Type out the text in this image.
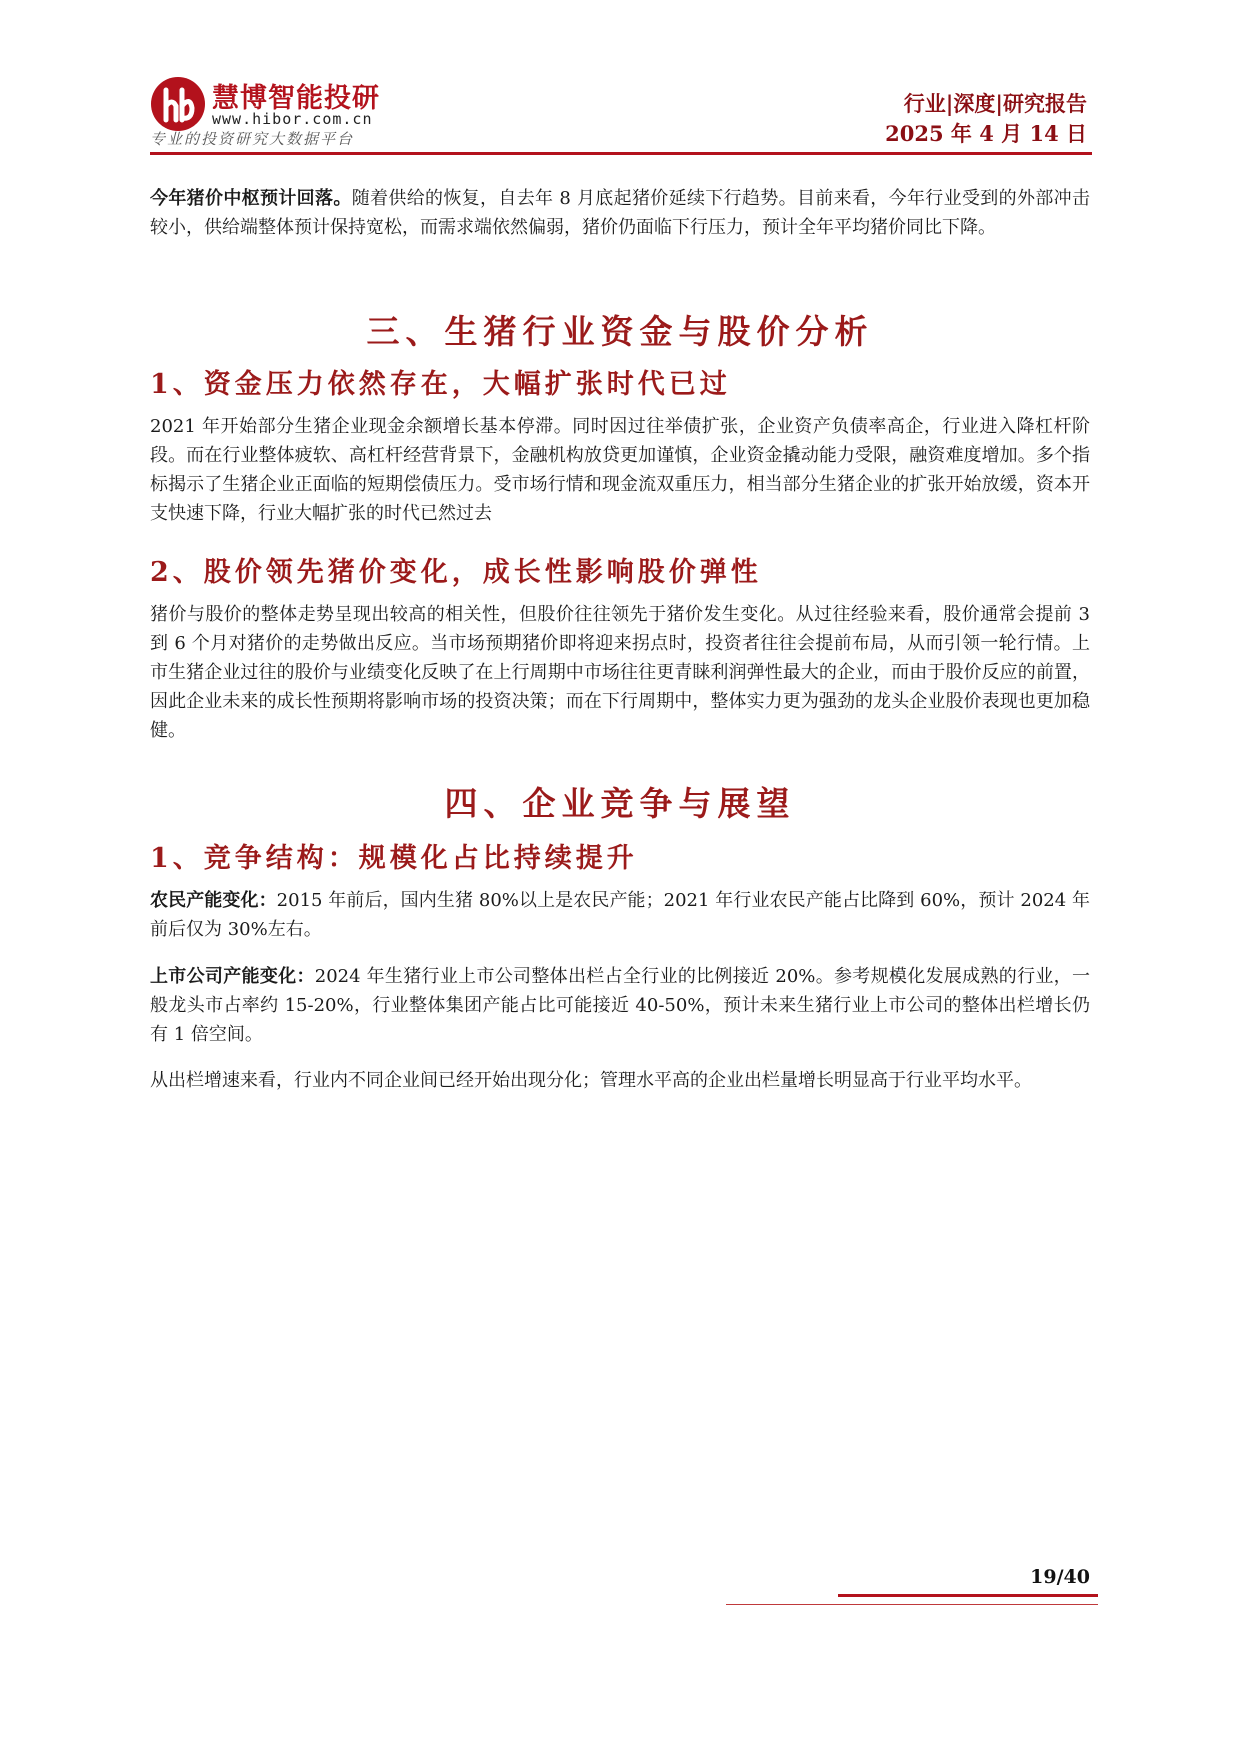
慧博智能投研
www.hibor.com.cn
专业的投资研究大数据平台
行业|深度|研究报告
2025 年 4 月 14 日

今年猪价中枢预计回落。随着供给的恢复，自去年 8 月底起猪价延续下行趋势。目前来看，今年行业受到的外部冲击较小，供给端整体预计保持宽松，而需求端依然偏弱，猪价仍面临下行压力，预计全年平均猪价同比下降。

三、生猪行业资金与股价分析
1、资金压力依然存在，大幅扩张时代已过

2021 年开始部分生猪企业现金余额增长基本停滞。同时因过往举债扩张，企业资产负债率高企，行业进入降杠杆阶段。而在行业整体疲软、高杠杆经营背景下，金融机构放贷更加谨慎，企业资金撬动能力受限，融资难度增加。多个指标揭示了生猪企业正面临的短期偿债压力。受市场行情和现金流双重压力，相当部分生猪企业的扩张开始放缓，资本开支快速下降，行业大幅扩张的时代已然过去

2、股价领先猪价变化，成长性影响股价弹性

猪价与股价的整体走势呈现出较高的相关性，但股价往往领先于猪价发生变化。从过往经验来看，股价通常会提前 3 到 6 个月对猪价的走势做出反应。当市场预期猪价即将迎来拐点时，投资者往往会提前布局，从而引领一轮行情。上市生猪企业过往的股价与业绩变化反映了在上行周期中市场往往更青睐利润弹性最大的企业，而由于股价反应的前置，因此企业未来的成长性预期将影响市场的投资决策；而在下行周期中，整体实力更为强劲的龙头企业股价表现也更加稳健。

四、企业竞争与展望
1、竞争结构：规模化占比持续提升

农民产能变化：2015 年前后，国内生猪 80%以上是农民产能；2021 年行业农民产能占比降到 60%，预计 2024 年前后仅为 30%左右。

上市公司产能变化：2024 年生猪行业上市公司整体出栏占全行业的比例接近 20%。参考规模化发展成熟的行业，一般龙头市占率约 15-20%，行业整体集团产能占比可能接近 40-50%，预计未来生猪行业上市公司的整体出栏增长仍有 1 倍空间。

从出栏增速来看，行业内不同企业间已经开始出现分化；管理水平高的企业出栏量增长明显高于行业平均水平。

19/40
